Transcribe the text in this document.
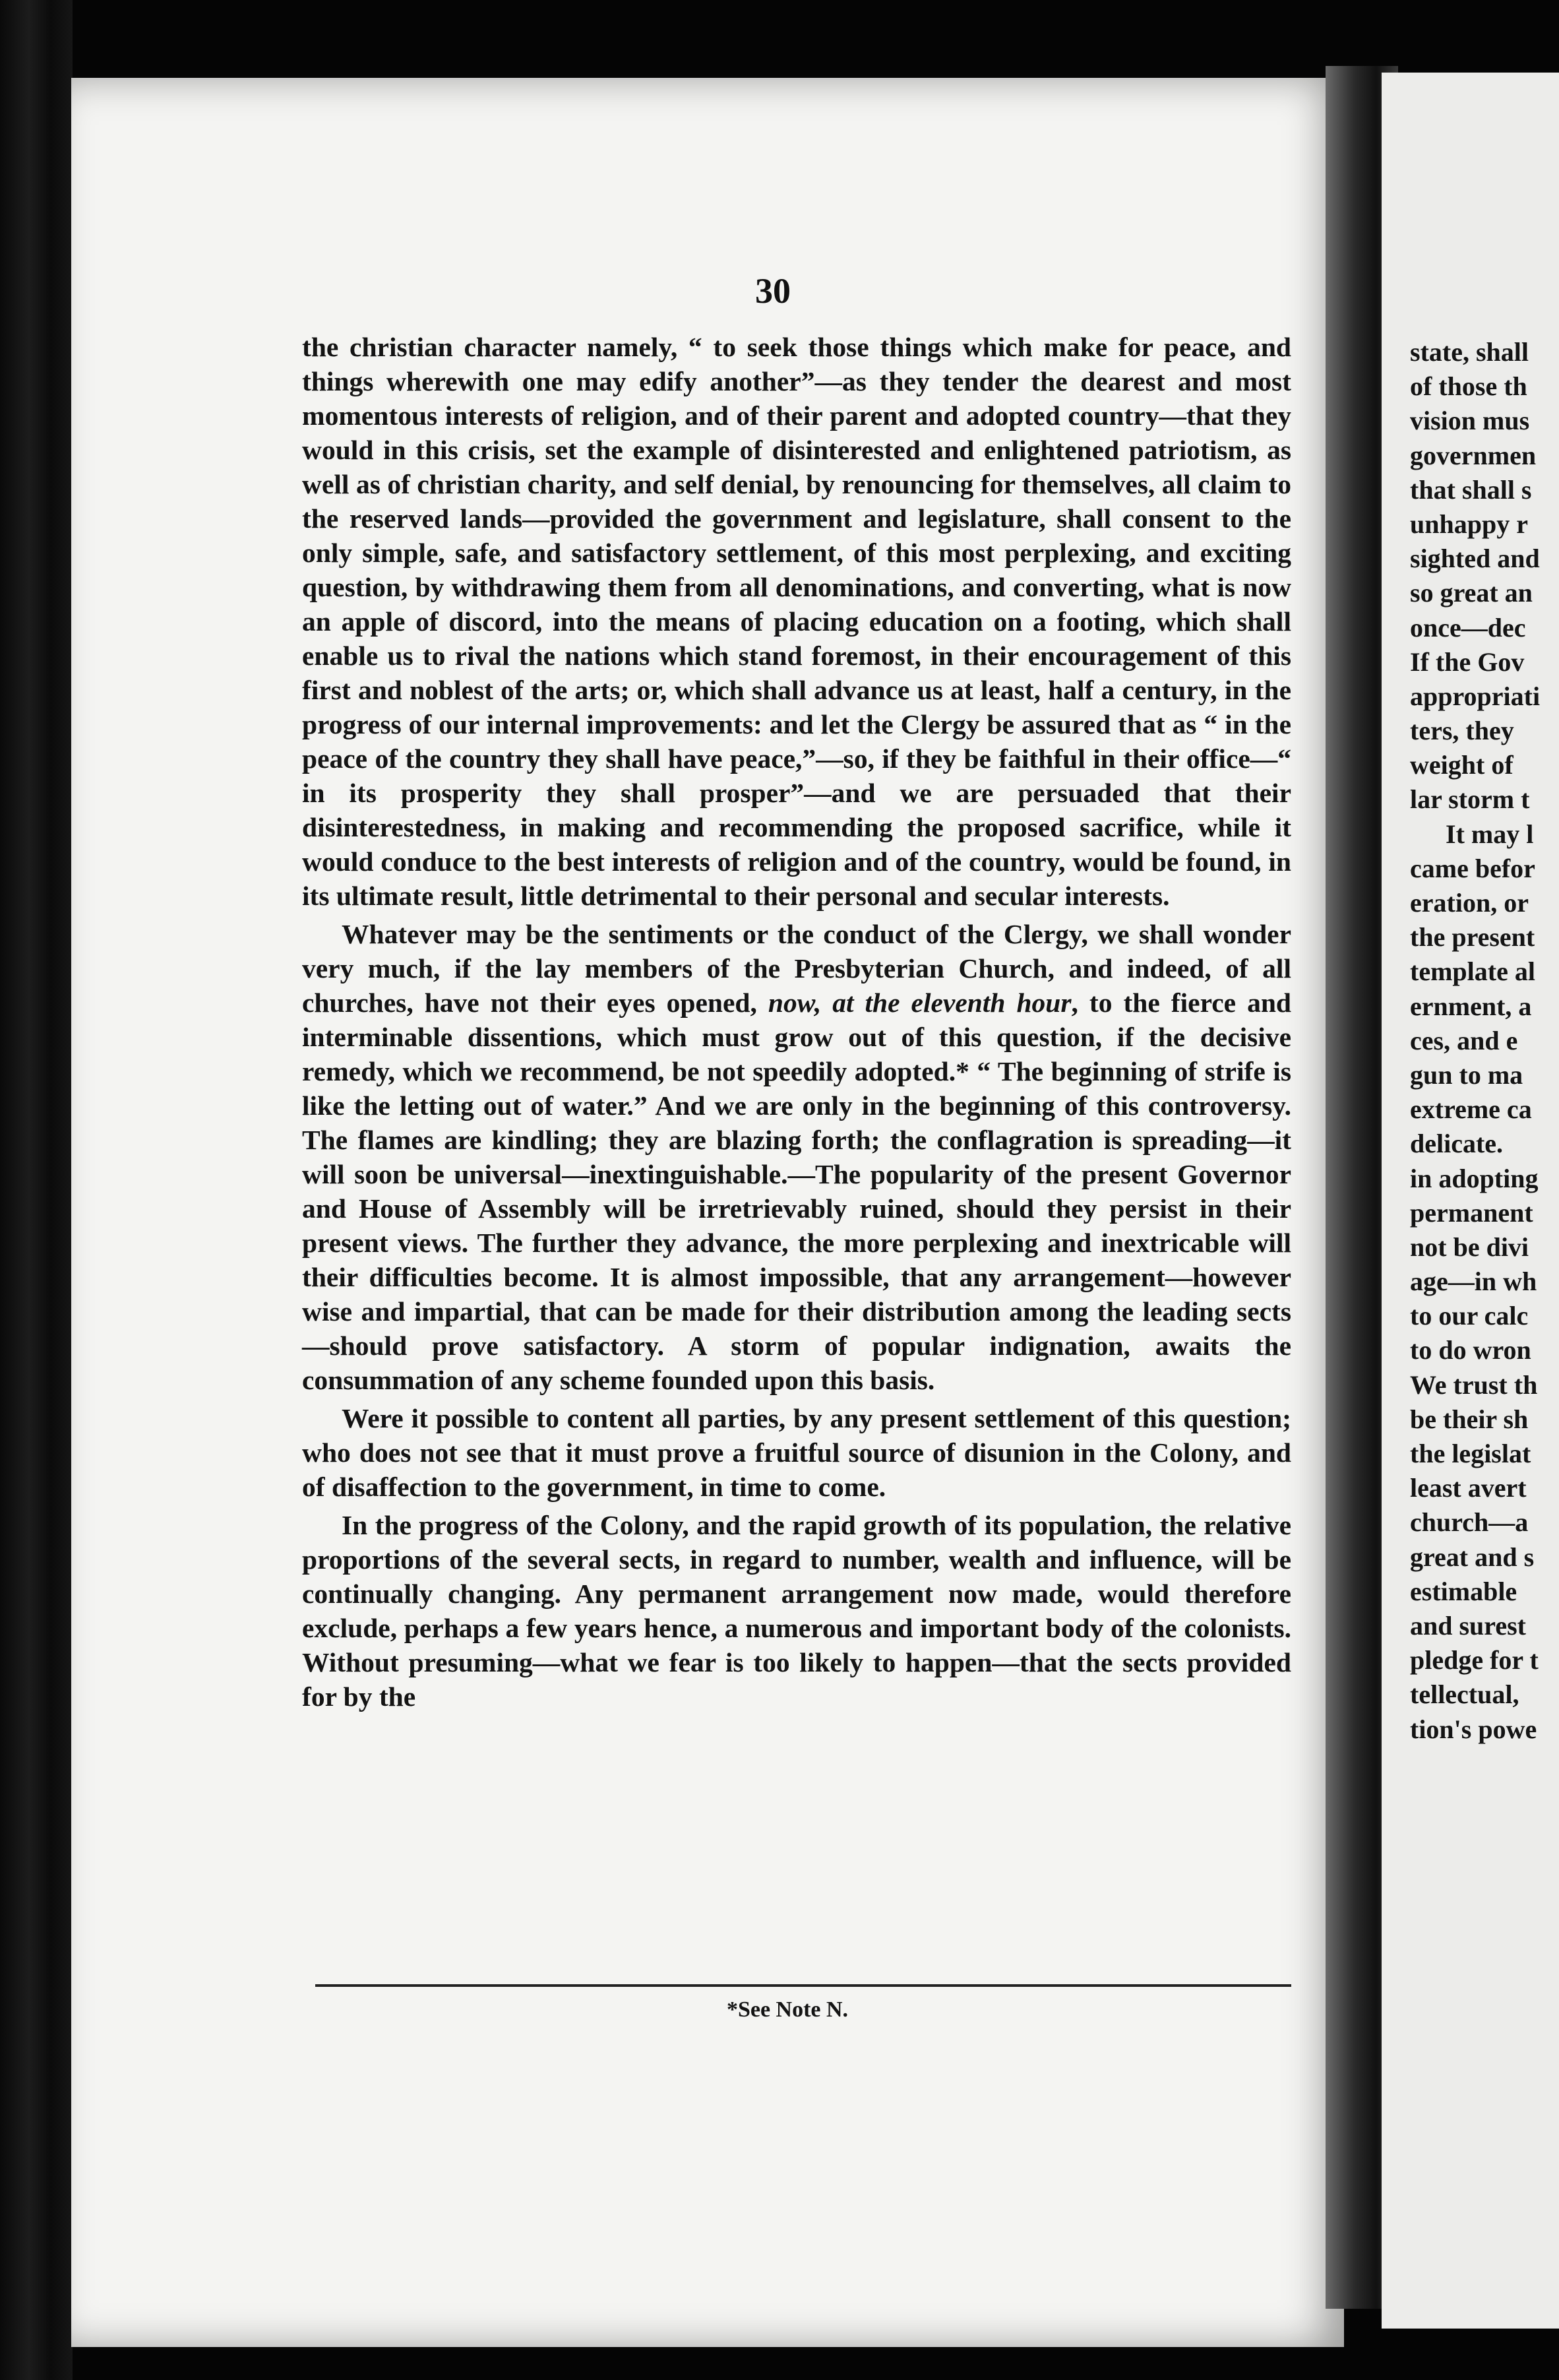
30

the christian character namely, “ to seek those things which make for peace, and things wherewith one may edify another”—as they tender the dearest and most momentous interests of religion, and of their parent and adopted country—that they would in this crisis, set the example of disinterested and enlightened patriotism, as well as of christian charity, and self denial, by renouncing for themselves, all claim to the reserved lands—provided the government and legislature, shall consent to the only simple, safe, and satisfactory settlement, of this most perplexing, and exciting question, by withdrawing them from all denominations, and converting, what is now an apple of discord, into the means of placing education on a footing, which shall enable us to rival the nations which stand foremost, in their encouragement of this first and noblest of the arts; or, which shall advance us at least, half a century, in the progress of our internal improvements: and let the Clergy be assured that as “ in the peace of the country they shall have peace,”—so, if they be faithful in their office—“ in its prosperity they shall prosper”—and we are persuaded that their disinterestedness, in making and recommending the proposed sacrifice, while it would conduce to the best interests of religion and of the country, would be found, in its ultimate result, little detrimental to their personal and secular interests.

Whatever may be the sentiments or the conduct of the Clergy, we shall wonder very much, if the lay members of the Presbyterian Church, and indeed, of all churches, have not their eyes opened, now, at the eleventh hour, to the fierce and interminable dissentions, which must grow out of this question, if the decisive remedy, which we recommend, be not speedily adopted.* “ The beginning of strife is like the letting out of water.” And we are only in the beginning of this controversy. The flames are kindling; they are blazing forth; the conflagration is spreading—it will soon be universal—inextinguishable.—The popularity of the present Governor and House of Assembly will be irretrievably ruined, should they persist in their present views. The further they advance, the more perplexing and inextricable will their difficulties become. It is almost impossible, that any arrangement—however wise and impartial, that can be made for their distribution among the leading sects—should prove satisfactory. A storm of popular indignation, awaits the consummation of any scheme founded upon this basis.

Were it possible to content all parties, by any present settlement of this question; who does not see that it must prove a fruitful source of disunion in the Colony, and of disaffection to the government, in time to come.

In the progress of the Colony, and the rapid growth of its population, the relative proportions of the several sects, in regard to number, wealth and influence, will be continually changing. Any permanent arrangement now made, would therefore exclude, perhaps a few years hence, a numerous and important body of the colonists. Without presuming—what we fear is too likely to happen—that the sects provided for by the

*See Note N.
state, shall
of those th
vision mus
governmen
that shall s
unhappy r
sighted and
so great an
once—dec
If the Gov
appropriati
ters, they
weight of
lar storm t
It may l
came befor
eration, or
the present
template al
ernment, a
ces, and e
gun to ma
extreme ca
delicate.
in adopting
permanent
not be divi
age—in wh
to our calc
to do wron
We trust th
be their sh
the legislat
least avert
church—a
great and s
estimable
and surest
pledge for t
tellectual,
tion's powe
